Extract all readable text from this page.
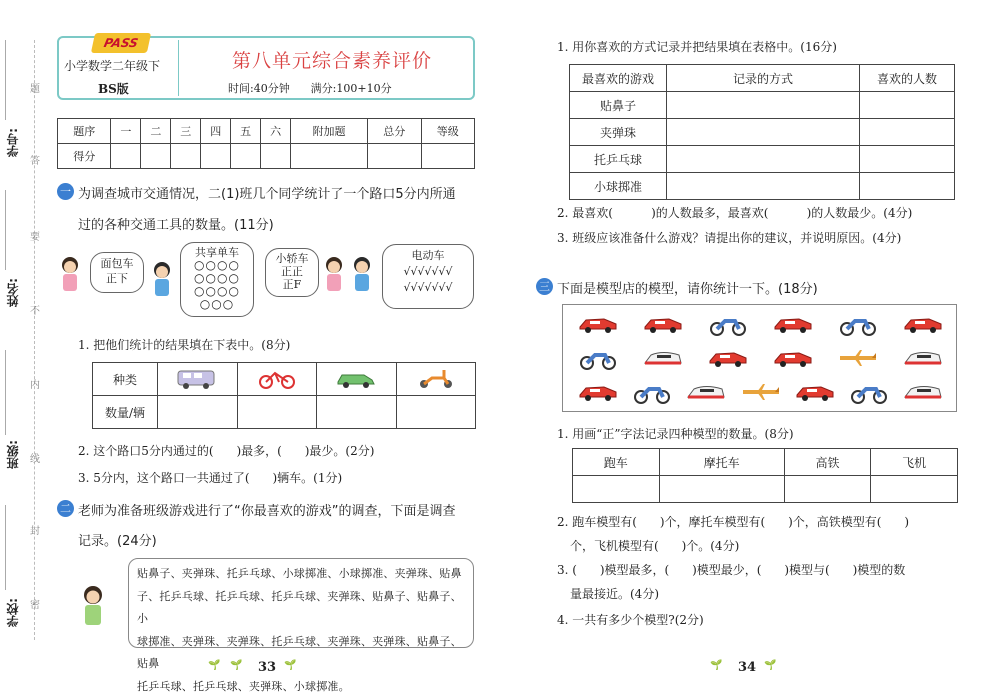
学号:
姓名:
班级:
学校:
题
答
要
不
内
线
封
密
PASS
小学数学二年级下
BS版
第八单元综合素养评价
时间:40分钟      满分:100+10分
题序	一	二	三	四	五	六	附加题	总分	等级
得分									
一 为调查城市交通情况，二(1)班几个同学统计了一个路口5分内所通
过的各种交通工具的数量。(11分)
面包车
正下
共享单车
○○○○ ○○○○ ○○○○ ○○○
小轿车
正正
正F
电动车
√√√√√√√
√√√√√√√
1. 把他们统计的结果填在下表中。(8分)
种类				
数量/辆				
2. 这个路口5分内通过的(      )最多，(      )最少。(2分)
3. 5分内，这个路口一共通过了(      )辆车。(1分)
二 老师为准备班级游戏进行了“你最喜欢的游戏”的调查，下面是调查
记录。(24分)
贴鼻子、夹弹珠、托乒乓球、小球掷准、小球掷准、夹弹珠、贴鼻
子、托乒乓球、托乒乓球、托乒乓球、夹弹珠、贴鼻子、贴鼻子、小
球掷准、夹弹珠、夹弹珠、托乒乓球、夹弹珠、夹弹珠、贴鼻子、贴鼻
托乒乓球、托乒乓球、夹弹珠、小球掷准。
🌱 🌱 33 🌱
1. 用你喜欢的方式记录并把结果填在表格中。(16分)
最喜欢的游戏	记录的方式	喜欢的人数
贴鼻子		
夹弹珠		
托乒乓球		
小球掷准		
2. 最喜欢(          )的人数最多，最喜欢(          )的人数最少。(4分)
3. 班级应该准备什么游戏？请提出你的建议，并说明原因。(4分)
三 下面是模型店的模型，请你统计一下。(18分)
1. 用画“正”字法记录四种模型的数量。(8分)
跑车	摩托车	高铁	飞机

2. 跑车模型有(      )个，摩托车模型有(      )个，高铁模型有(      )
个，飞机模型有(      )个。(4分)
3. (      )模型最多，(      )模型最少，(      )模型与(      )模型的数
量最接近。(4分)
4. 一共有多少个模型?(2分)
🌱 34 🌱
